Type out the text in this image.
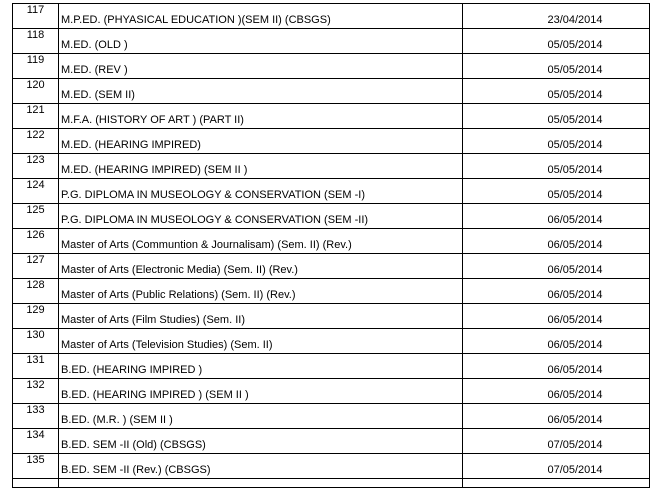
117	M.P.ED. (PHYASICAL EDUCATION )(SEM II) (CBSGS)	23/04/2014
118	M.ED. (OLD )	05/05/2014
119	M.ED. (REV )	05/05/2014
120	M.ED. (SEM II)	05/05/2014
121	M.F.A. (HISTORY OF ART ) (PART II)	05/05/2014
122	M.ED. (HEARING IMPIRED)	05/05/2014
123	M.ED. (HEARING IMPIRED) (SEM II )	05/05/2014
124	P.G. DIPLOMA IN MUSEOLOGY & CONSERVATION (SEM -I)	05/05/2014
125	P.G. DIPLOMA IN MUSEOLOGY & CONSERVATION (SEM -II)	06/05/2014
126	Master of Arts (Communtion & Journalisam) (Sem. II) (Rev.)	06/05/2014
127	Master of Arts (Electronic Media) (Sem. II) (Rev.)	06/05/2014
128	Master of Arts (Public Relations) (Sem. II) (Rev.)	06/05/2014
129	Master of Arts (Film Studies) (Sem. II)	06/05/2014
130	Master of Arts (Television Studies) (Sem. II)	06/05/2014
131	B.ED. (HEARING IMPIRED )	06/05/2014
132	B.ED. (HEARING IMPIRED ) (SEM II )	06/05/2014
133	B.ED. (M.R. ) (SEM II )	06/05/2014
134	B.ED. SEM -II (Old) (CBSGS)	07/05/2014
135	B.ED. SEM -II (Rev.) (CBSGS)	07/05/2014
